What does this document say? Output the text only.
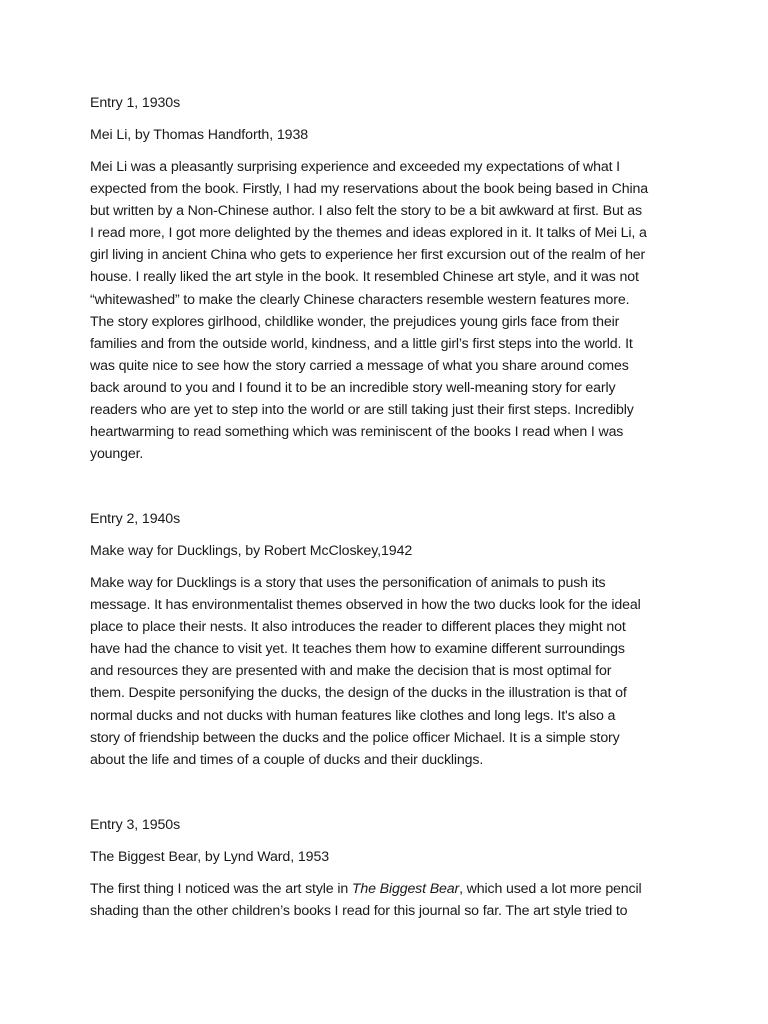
Entry 1, 1930s

Mei Li, by Thomas Handforth, 1938

Mei Li was a pleasantly surprising experience and exceeded my expectations of what I
expected from the book. Firstly, I had my reservations about the book being based in China
but written by a Non-Chinese author. I also felt the story to be a bit awkward at first. But as
I read more, I got more delighted by the themes and ideas explored in it. It talks of Mei Li, a
girl living in ancient China who gets to experience her first excursion out of the realm of her
house. I really liked the art style in the book. It resembled Chinese art style, and it was not
“whitewashed” to make the clearly Chinese characters resemble western features more.
The story explores girlhood, childlike wonder, the prejudices young girls face from their
families and from the outside world, kindness, and a little girl’s first steps into the world. It
was quite nice to see how the story carried a message of what you share around comes
back around to you and I found it to be an incredible story well-meaning story for early
readers who are yet to step into the world or are still taking just their first steps. Incredibly
heartwarming to read something which was reminiscent of the books I read when I was
younger.

Entry 2, 1940s

Make way for Ducklings, by Robert McCloskey,1942

Make way for Ducklings is a story that uses the personification of animals to push its
message. It has environmentalist themes observed in how the two ducks look for the ideal
place to place their nests. It also introduces the reader to different places they might not
have had the chance to visit yet. It teaches them how to examine different surroundings
and resources they are presented with and make the decision that is most optimal for
them. Despite personifying the ducks, the design of the ducks in the illustration is that of
normal ducks and not ducks with human features like clothes and long legs. It's also a
story of friendship between the ducks and the police officer Michael. It is a simple story
about the life and times of a couple of ducks and their ducklings.

Entry 3, 1950s

The Biggest Bear, by Lynd Ward, 1953

The first thing I noticed was the art style in The Biggest Bear, which used a lot more pencil
shading than the other children’s books I read for this journal so far. The art style tried to
